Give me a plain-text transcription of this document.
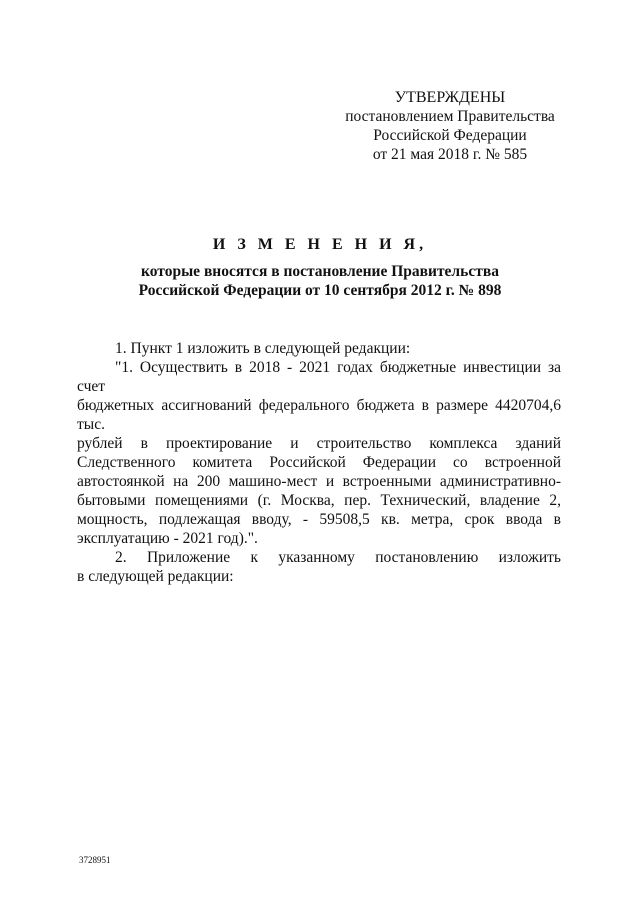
УТВЕРЖДЕНЫ
постановлением Правительства
Российской Федерации
от 21 мая 2018 г. № 585
И З М Е Н Е Н И Я,
которые вносятся в постановление Правительства
Российской Федерации от 10 сентября 2012 г. № 898

1. Пункт 1 изложить в следующей редакции:

"1. Осуществить в 2018 - 2021 годах бюджетные инвестиции за счет

бюджетных ассигнований федерального бюджета в размере 4420704,6 тыс.

рублей в проектирование и строительство комплекса зданий

Следственного комитета Российской Федерации со встроенной

автостоянкой на 200 машино-мест и встроенными административно-

бытовыми помещениями (г. Москва, пер. Технический, владение 2,

мощность, подлежащая вводу, - 59508,5 кв. метра, срок ввода в

эксплуатацию - 2021 год).".

2. Приложение к указанному постановлению изложить

в следующей редакции:

3728951
